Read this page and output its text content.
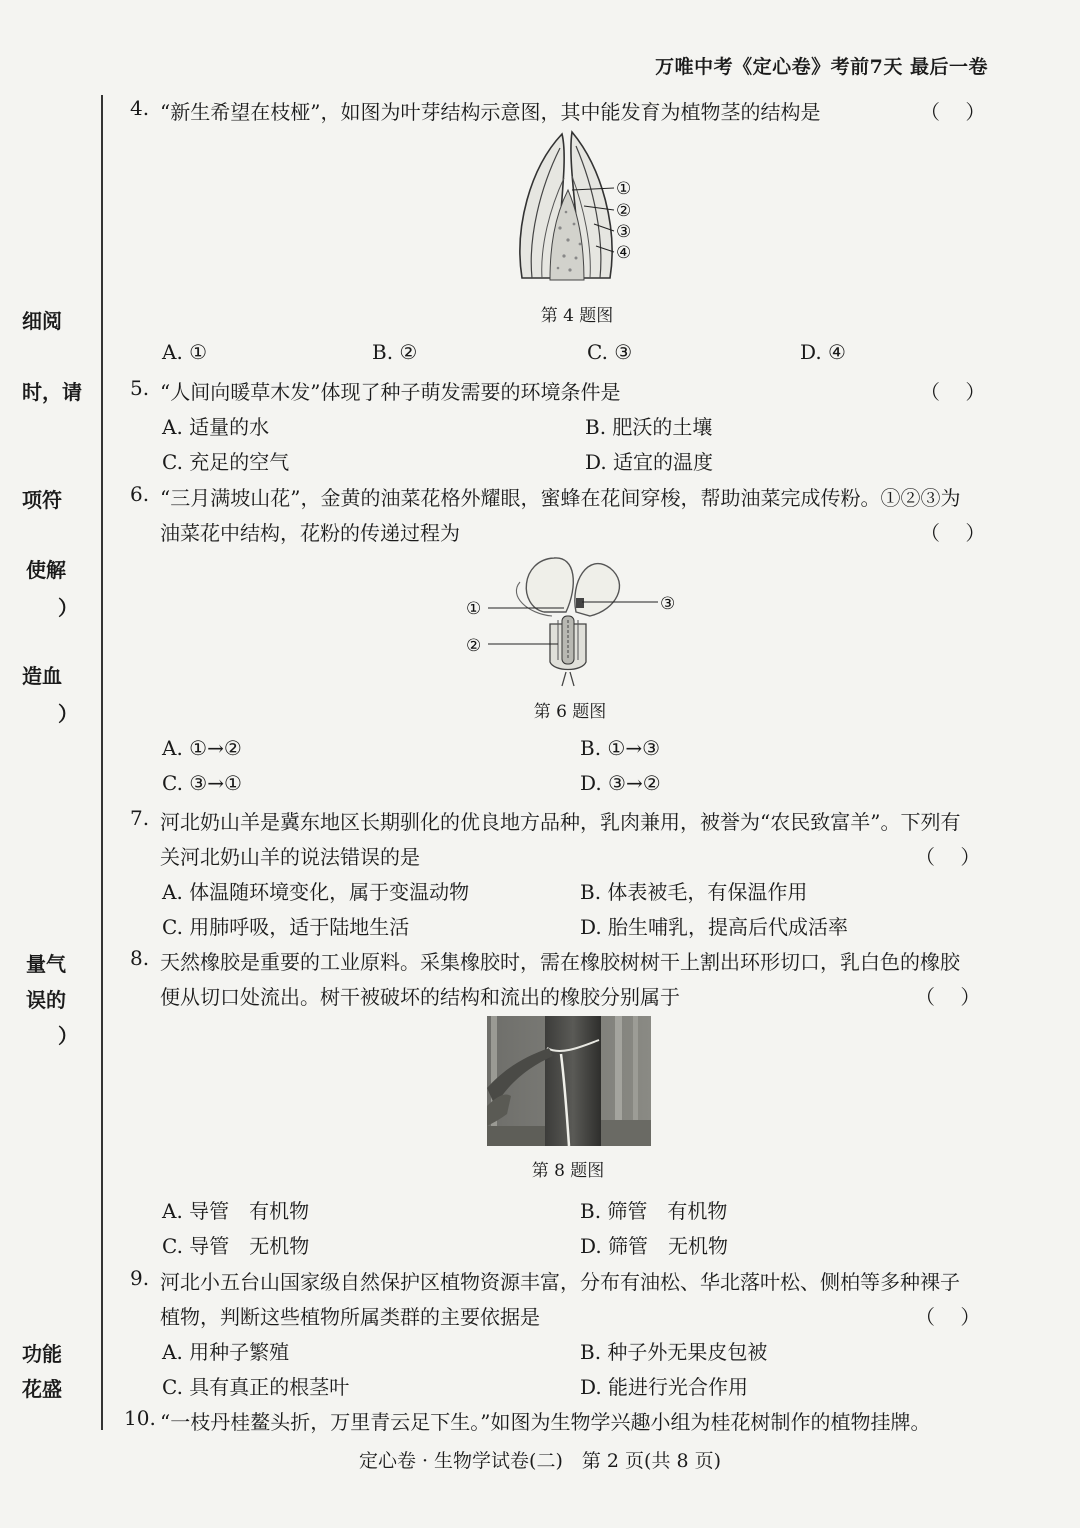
万唯中考《定心卷》考前7天 最后一卷
细阅
时，请
项符
使解
）
造血
）
量气
误的
）
功能
花盛
4. “新生希望在枝桠”，如图为叶芽结构示意图，其中能发育为植物茎的结构是	（    ）
①
②
③
④
第 4 题图
A. ①	B. ②	C. ③	D. ④
5. “人间向暖草木发”体现了种子萌发需要的环境条件是	（    ）
A. 适量的水	B. 肥沃的土壤
C. 充足的空气	D. 适宜的温度
6. “三月满坡山花”，金黄的油菜花格外耀眼，蜜蜂在花间穿梭，帮助油菜完成传粉。①②③为
油菜花中结构，花粉的传递过程为	（    ）
①
②
③
第 6 题图
A. ①→②	B. ①→③
C. ③→①	D. ③→②
7. 河北奶山羊是冀东地区长期驯化的优良地方品种，乳肉兼用，被誉为“农民致富羊”。下列有
关河北奶山羊的说法错误的是	（    ）
A. 体温随环境变化，属于变温动物	B. 体表被毛，有保温作用
C. 用肺呼吸，适于陆地生活	D. 胎生哺乳，提高后代成活率
8. 天然橡胶是重要的工业原料。采集橡胶时，需在橡胶树树干上割出环形切口，乳白色的橡胶
便从切口处流出。树干被破坏的结构和流出的橡胶分别属于	（    ）
第 8 题图
A. 导管　有机物	B. 筛管　有机物
C. 导管　无机物	D. 筛管　无机物
9. 河北小五台山国家级自然保护区植物资源丰富，分布有油松、华北落叶松、侧柏等多种裸子
植物，判断这些植物所属类群的主要依据是	（    ）
A. 用种子繁殖	B. 种子外无果皮包被
C. 具有真正的根茎叶	D. 能进行光合作用
10. “一枝丹桂鳌头折，万里青云足下生。”如图为生物学兴趣小组为桂花树制作的植物挂牌。
定心卷 · 生物学试卷(二)　第 2 页(共 8 页)
